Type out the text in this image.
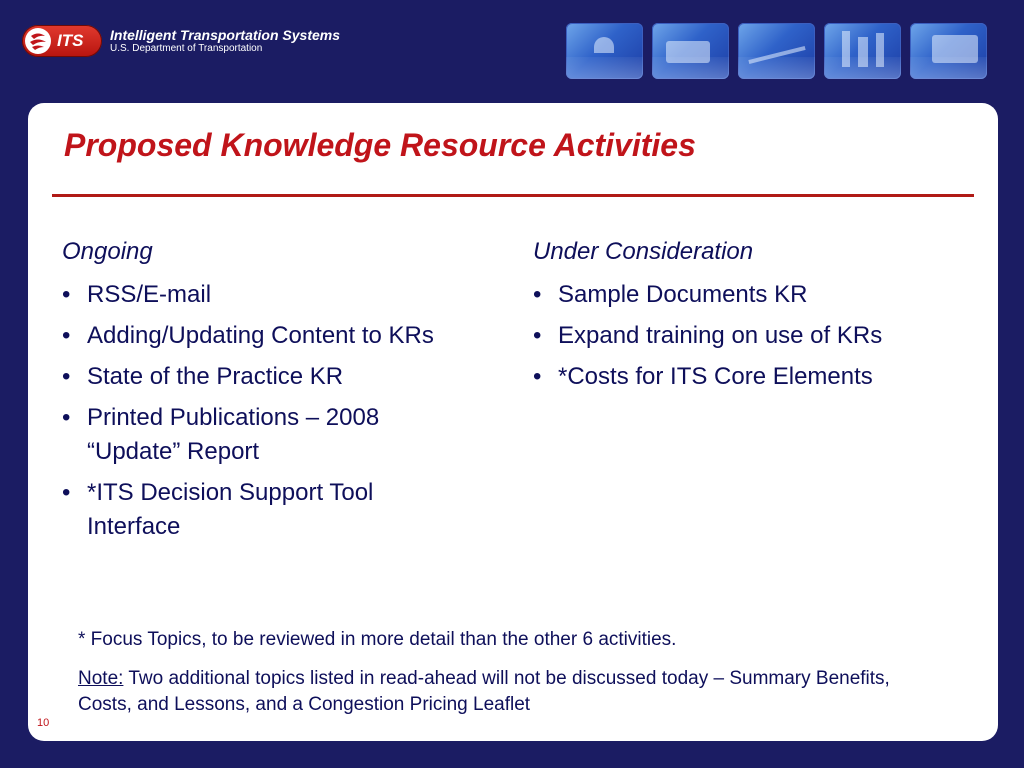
ITS Intelligent Transportation Systems
U.S. Department of Transportation
Proposed Knowledge Resource Activities
Ongoing
• RSS/E-mail
• Adding/Updating Content to KRs
• State of the Practice KR
• Printed Publications – 2008 “Update” Report
• *ITS Decision Support Tool Interface
Under Consideration
• Sample Documents KR
• Expand training on use of KRs
• *Costs for ITS Core Elements
* Focus Topics, to be reviewed in more detail than the other 6 activities.
Note: Two additional topics listed in read-ahead will not be discussed today – Summary Benefits, Costs, and Lessons, and a Congestion Pricing Leaflet
10
